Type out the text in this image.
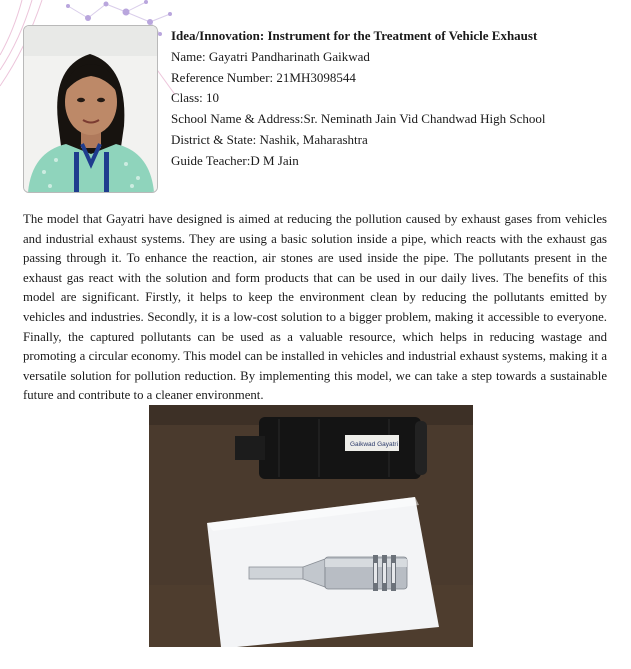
Idea/Innovation: Instrument for the Treatment of Vehicle Exhaust
Name: Gayatri Pandharinath Gaikwad
Reference Number: 21MH3098544
Class: 10
School Name & Address:Sr. Neminath Jain Vid Chandwad High School
District & State: Nashik, Maharashtra
Guide Teacher:D M Jain

The model that Gayatri have designed is aimed at reducing the pollution caused by exhaust gases from vehicles and industrial exhaust systems. They are using a basic solution inside a pipe, which reacts with the exhaust gas passing through it. To enhance the reaction, air stones are used inside the pipe. The pollutants present in the exhaust gas react with the solution and form products that can be used in our daily lives. The benefits of this model are significant. Firstly, it helps to keep the environment clean by reducing the pollutants emitted by vehicles and industries. Secondly, it is a low-cost solution to a bigger problem, making it accessible to everyone. Finally, the captured pollutants can be used as a valuable resource, which helps in reducing wastage and promoting a circular economy. This model can be installed in vehicles and industrial exhaust systems, making it a versatile solution for pollution reduction. By implementing this model, we can take a step towards a sustainable future and contribute to a cleaner environment.

Gaikwad Gayatri
